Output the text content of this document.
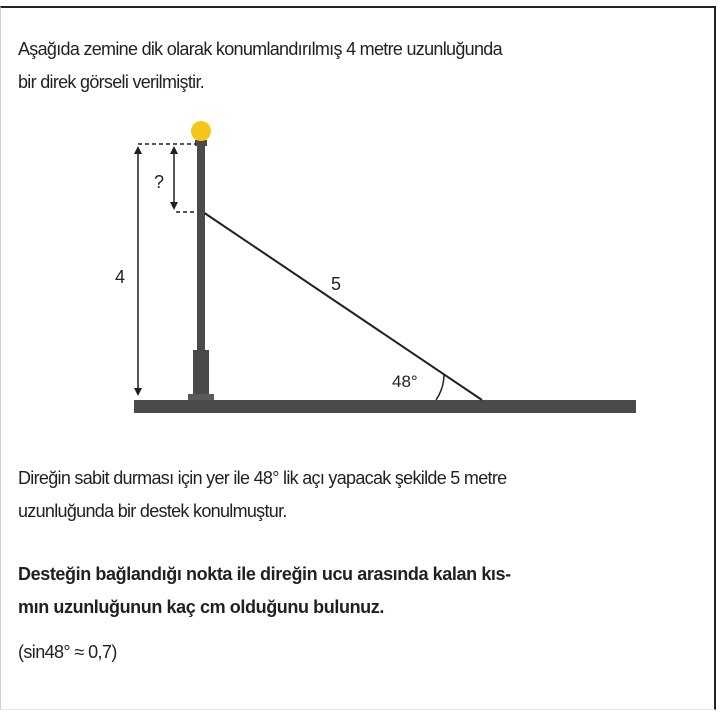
Aşağıda zemine dik olarak konumlandırılmış 4 metre uzunluğunda
bir direk görseli verilmiştir.

4
?
5
48°

Direğin sabit durması için yer ile 48° lik açı yapacak şekilde 5 metre
uzunluğunda bir destek konulmuştur.

Desteğin bağlandığı nokta ile direğin ucu arasında kalan kıs-
mın uzunluğunun kaç cm olduğunu bulunuz.

(sin48° ≈ 0,7)
